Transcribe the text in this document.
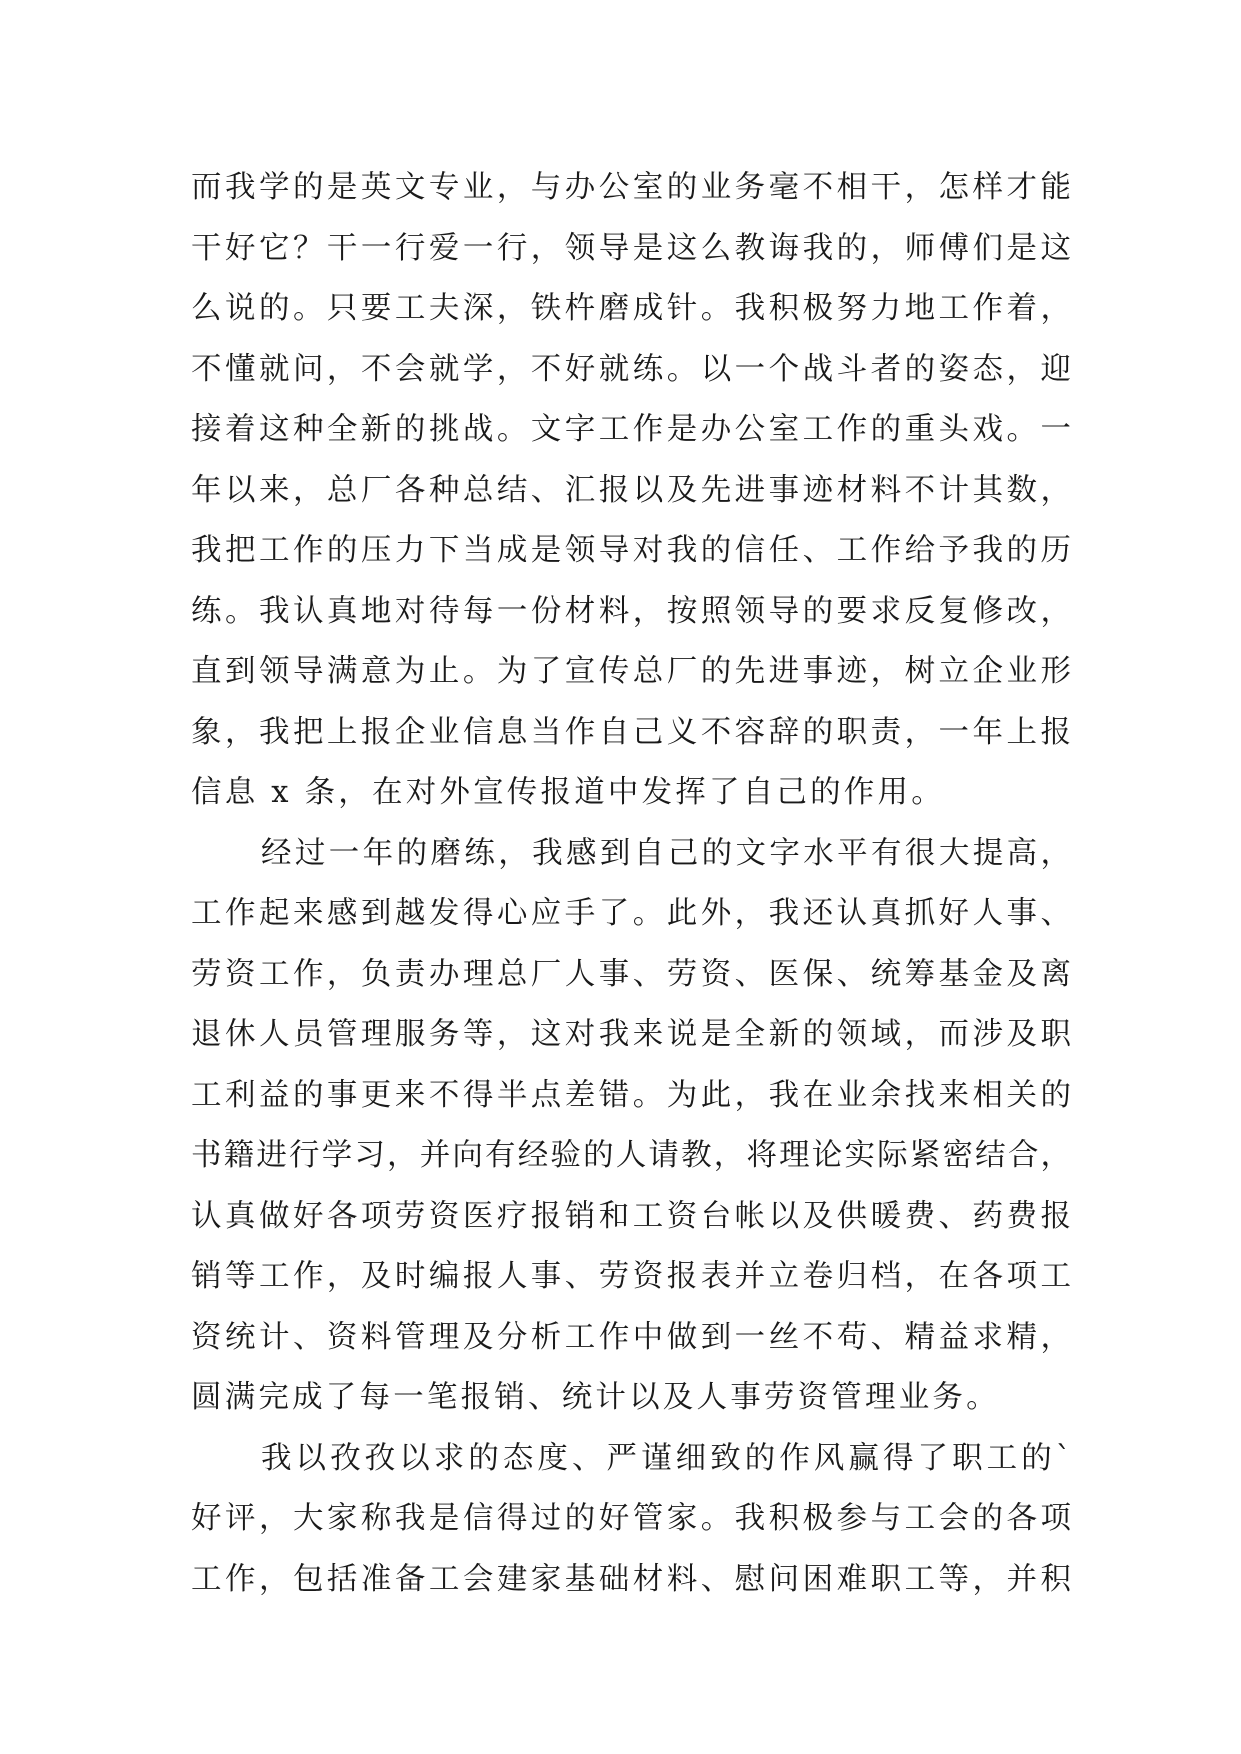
而我学的是英文专业，与办公室的业务毫不相干，怎样才能
干好它？干一行爱一行，领导是这么教诲我的，师傅们是这
么说的。只要工夫深，铁杵磨成针。我积极努力地工作着，
不懂就问，不会就学，不好就练。以一个战斗者的姿态，迎
接着这种全新的挑战。文字工作是办公室工作的重头戏。一
年以来，总厂各种总结、汇报以及先进事迹材料不计其数，
我把工作的压力下当成是领导对我的信任、工作给予我的历
练。我认真地对待每一份材料，按照领导的要求反复修改，
直到领导满意为止。为了宣传总厂的先进事迹，树立企业形
象，我把上报企业信息当作自己义不容辞的职责，一年上报
信息 x 条，在对外宣传报道中发挥了自己的作用。
经过一年的磨练，我感到自己的文字水平有很大提高，
工作起来感到越发得心应手了。此外，我还认真抓好人事、
劳资工作，负责办理总厂人事、劳资、医保、统筹基金及离
退休人员管理服务等，这对我来说是全新的领域，而涉及职
工利益的事更来不得半点差错。为此，我在业余找来相关的
书籍进行学习，并向有经验的人请教，将理论实际紧密结合，
认真做好各项劳资医疗报销和工资台帐以及供暖费、药费报
销等工作，及时编报人事、劳资报表并立卷归档，在各项工
资统计、资料管理及分析工作中做到一丝不苟、精益求精，
圆满完成了每一笔报销、统计以及人事劳资管理业务。
我以孜孜以求的态度、严谨细致的作风赢得了职工的`
好评，大家称我是信得过的好管家。我积极参与工会的各项
工作，包括准备工会建家基础材料、慰问困难职工等，并积
